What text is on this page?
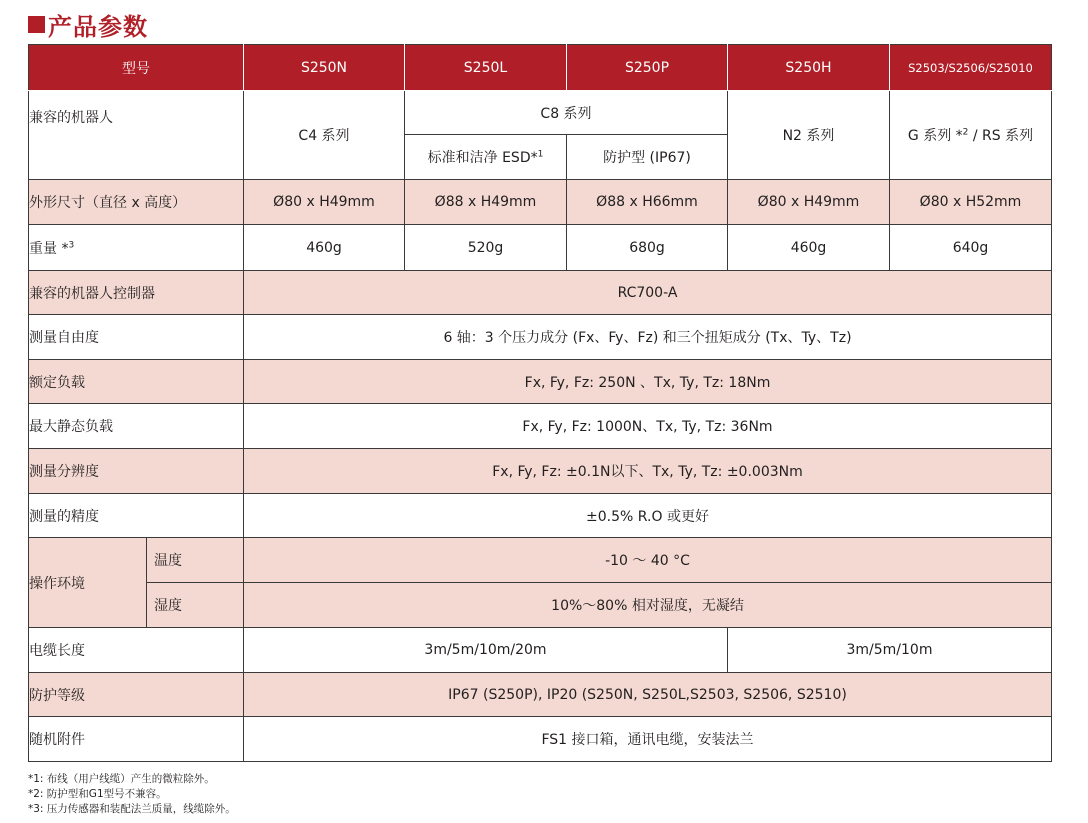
产品参数
型号		S250N	S250L	S250P	S250H	S2503/S2506/S25010
兼容的机器人		C4 系列	C8 系列		N2 系列	G 系列 *$^2$ / RS 系列
			标准和洁净 ESD*$^1$	防护型 (IP67)		
外形尺寸（直径 x 高度）		Ø80 x H49mm	Ø88 x H49mm	Ø88 x H66mm	Ø80 x H49mm	Ø80 x H52mm
重量 *$^3$		460g	520g	680g	460g	640g
兼容的机器人控制器		RC700-A				
测量自由度		6 轴：3 个压力成分 (Fx、Fy、Fz) 和三个扭矩成分 (Tx、Ty、Tz)				
额定负载		Fx, Fy, Fz: 250N 、Tx, Ty, Tz: 18Nm				
最大静态负载		Fx, Fy, Fz: 1000N、Tx, Ty, Tz: 36Nm				
测量分辨度		Fx, Fy, Fz: ±0.1N以下、Tx, Ty, Tz: ±0.003Nm				
测量的精度		±0.5% R.O 或更好				
操作环境	温度	-10 ～ 40 °C				
	湿度	10%～80% 相对湿度，无凝结				
电缆长度		3m/5m/10m/20m			3m/5m/10m	
防护等级		IP67 (S250P), IP20 (S250N, S250L,S2503, S2506, S2510)				
随机附件		FS1 接口箱，通讯电缆，安装法兰				
*1: 布线（用户线缆）产生的微粒除外。
*2: 防护型和G1型号不兼容。
*3: 压力传感器和装配法兰质量，线缆除外。
